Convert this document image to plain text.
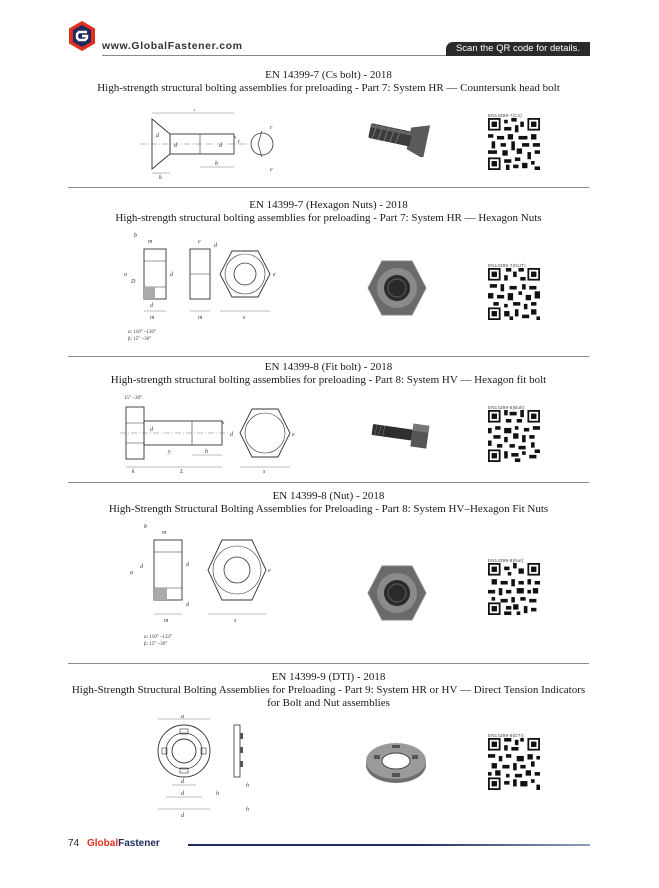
www.GlobalFastener.com	Scan the QR code for details.
EN 14399-7 (Cs bolt) - 2018
High-strength structural bolting assemblies for preloading - Part 7: System HR — Countersunk head bolt
l
d
d
b
k
t
d
r
c
EN14399-7(Cs)
EN 14399-7 (Hexagon Nuts) - 2018
High-strength structural bolting assemblies for preloading - Part 7: System HR — Hexagon Nuts
b
m	c
d
e
a
D
d
d
m	m	s
α: 110° ~130°
β: 15° ~30°
EN14399-7(NUT)
EN 14399-8 (Fit bolt) - 2018
High-strength structural bolting assemblies for preloading - Part 8: System HV — Hexagon fit bolt
15° ~30°
d
d	e
y	b
k	L	s
EN14399-8(Bolt)
EN 14399-8 (Nut) - 2018
High-Strength Structural Bolting Assemblies for Preloading - Part 8: System HV–Hexagon Fit Nuts
b
m
a
d	d
d
e
m	s
α: 110° ~133°
β: 15° ~30°
EN14399-8(Nut)
EN 14399-9 (DTI) - 2018
High-Strength Structural Bolting Assemblies for Preloading - Part 9: System HR or HV — Direct Tension Indicators for Bolt and Nut assemblies
d
d
d
d
h
h
h
EN14399-9(DTI)
74 GlobalFastener
